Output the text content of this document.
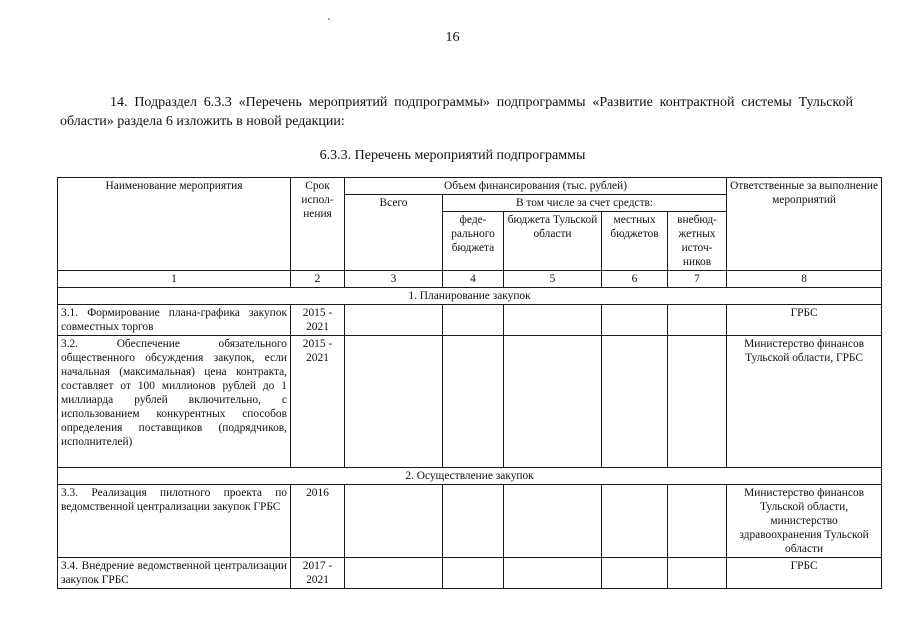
16
14. Подраздел 6.3.3 «Перечень мероприятий подпрограммы» подпрограммы «Развитие контрактной системы Тульской области» раздела 6 изложить в новой редакции:
6.3.3. Перечень мероприятий подпрограммы
Наименование мероприятия	Срок испол- нения	Объем финансирования (тыс. рублей)					Ответственные за выполнение мероприятий
		Всего	В том числе за счет средств:				
			феде- рального бюджета	бюджета Тульской области	местных бюджетов	внебюд- жетных источ- ников	
1	2	3	4	5	6	7	8
1. Планирование закупок							

3.1. Формирование плана-графика закупок совместных торгов	2015 - 2021						ГРБС

3.2. Обеспечение обязательного общественного обсуждения закупок, если начальная (максимальная) цена контракта, составляет от 100 миллионов рублей до 1 миллиарда рублей включительно, с использованием конкурентных способов определения поставщиков (подрядчиков, исполнителей)	2015 - 2021						Министерство финансов Тульской области, ГРБС
2. Осуществление закупок							

3.3. Реализация пилотного проекта по ведомственной централизации закупок ГРБС	2016						Министерство финансов Тульской области, министерство здравоохранения Тульской области

3.4. Внедрение ведомственной централизации закупок ГРБС	2017 - 2021						ГРБС
